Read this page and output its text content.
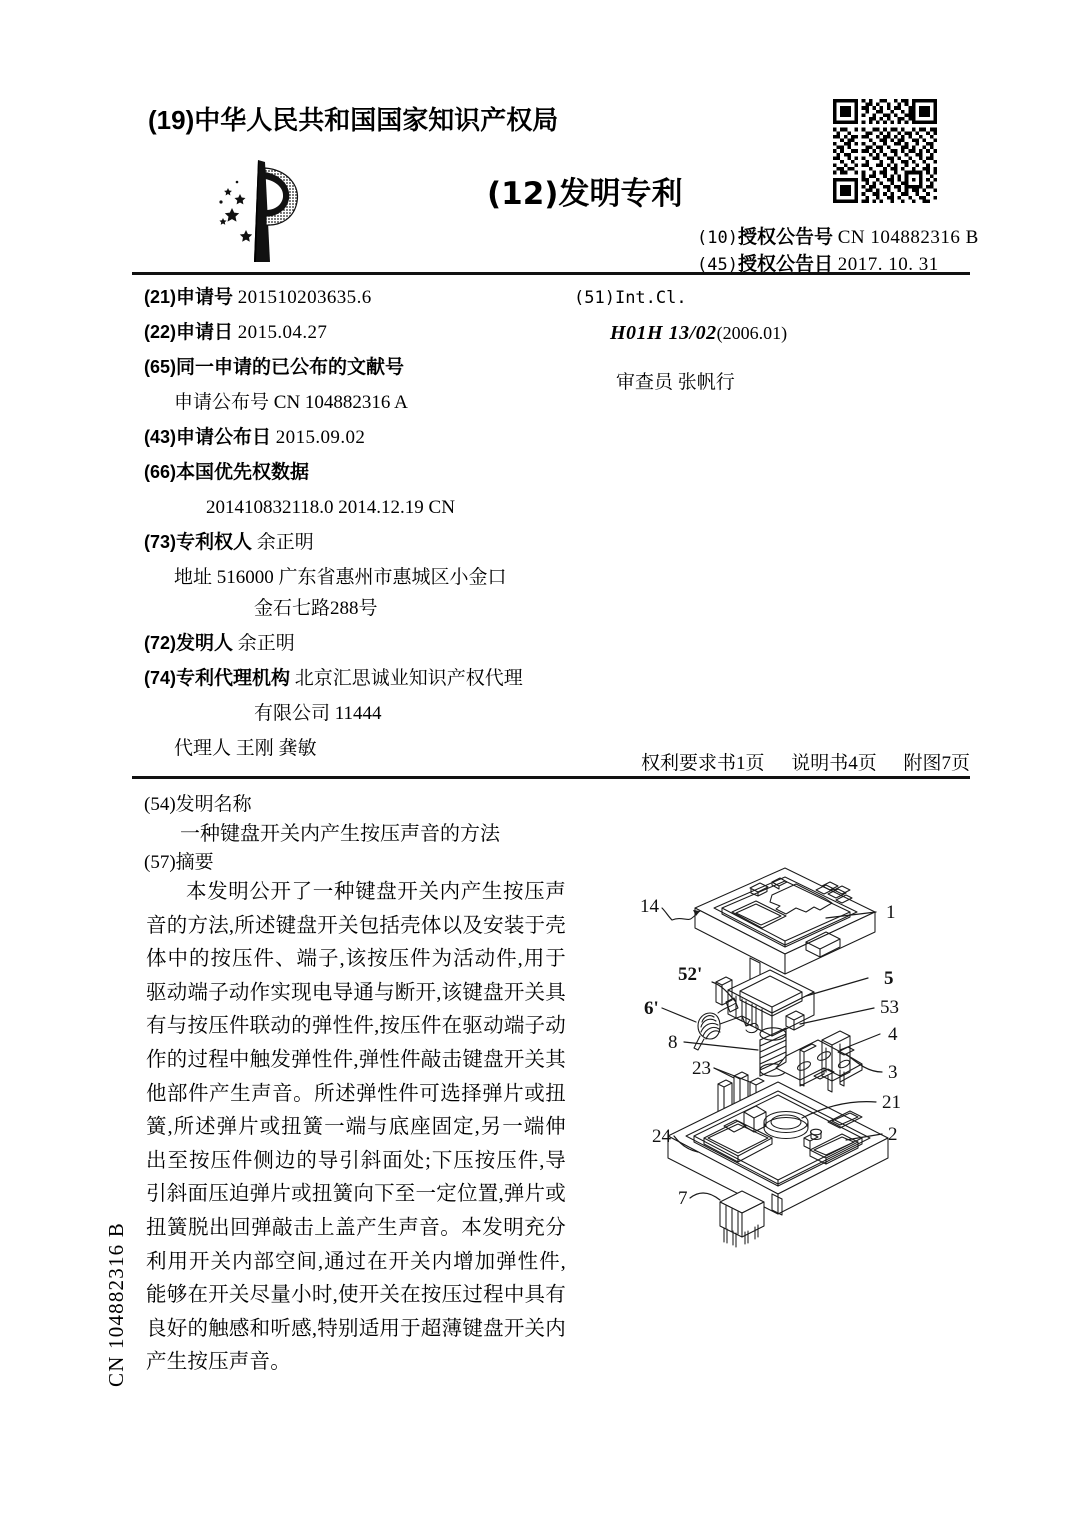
(19)中华人民共和国国家知识产权局
(12)发明专利
(10)授权公告号 CN 104882316 B
(45)授权公告日 2017. 10. 31
(21)申请号 201510203635.6
(22)申请日 2015.04.27
(65)同一申请的已公布的文献号
申请公布号 CN 104882316 A
(43)申请公布日 2015.09.02
(66)本国优先权数据
201410832118.0 2014.12.19 CN
(73)专利权人 余正明
地址 516000 广东省惠州市惠城区小金口
金石七路288号
(72)发明人 余正明
(74)专利代理机构 北京汇思诚业知识产权代理
有限公司 11444
代理人 王刚 龚敏
(51)Int.Cl.
H01H 13/02(2006.01)
审查员 张帆行
权利要求书1页 说明书4页 附图7页
(54)发明名称
一种键盘开关内产生按压声音的方法
(57)摘要
本发明公开了一种键盘开关内产生按压声音的方法,所述键盘开关包括壳体以及安装于壳体中的按压件、端子,该按压件为活动件,用于驱动端子动作实现电导通与断开,该键盘开关具有与按压件联动的弹性件,按压件在驱动端子动作的过程中触发弹性件,弹性件敲击键盘开关其他部件产生声音。所述弹性件可选择弹片或扭簧,所述弹片或扭簧一端与底座固定,另一端伸出至按压件侧边的导引斜面处;下压按压件,导引斜面压迫弹片或扭簧向下至一定位置,弹片或扭簧脱出回弹敲击上盖产生声音。本发明充分利用开关内部空间,通过在开关内增加弹性件,能够在开关尽量小时,使开关在按压过程中具有良好的触感和听感,特别适用于超薄键盘开关内产生按压声音。
CN 104882316 B
14	1
52'	5
6'	53
4
8
23	3
21
24	2
7
